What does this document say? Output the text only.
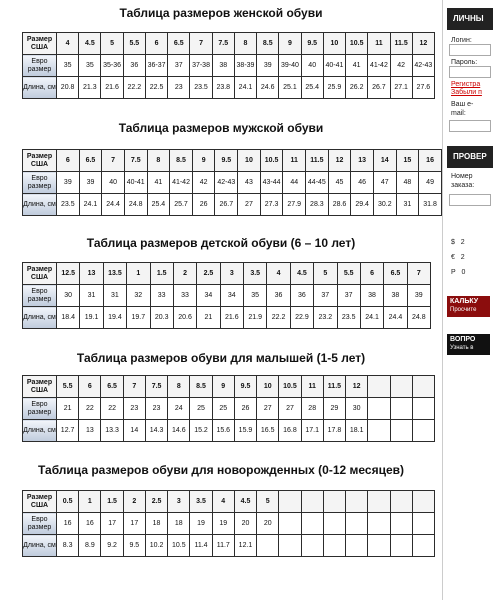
Таблица размеров женской обуви
Размер США	4	4.5	5	5.5	6	6.5	7	7.5	8	8.5	9	9.5	10	10.5	11	11.5	12
Евро размер	35	35	35-36	36	36-37	37	37-38	38	38-39	39	39-40	40	40-41	41	41-42	42	42-43
Длина, см	20.8	21.3	21.6	22.2	22.5	23	23.5	23.8	24.1	24.6	25.1	25.4	25.9	26.2	26.7	27.1	27.6
Таблица размеров мужской обуви
Размер США	6	6.5	7	7.5	8	8.5	9	9.5	10	10.5	11	11.5	12	13	14	15	16
Евро размер	39	39	40	40-41	41	41-42	42	42-43	43	43-44	44	44-45	45	46	47	48	49
Длина, см	23.5	24.1	24.4	24.8	25.4	25.7	26	26.7	27	27.3	27.9	28.3	28.6	29.4	30.2	31	31.8
Таблица размеров детской обуви (6 – 10 лет)
Размер США	12.5	13	13.5	1	1.5	2	2.5	3	3.5	4	4.5	5	5.5	6	6.5	7
Евро размер	30	31	31	32	33	33	34	34	35	36	36	37	37	38	38	39
Длина, см	18.4	19.1	19.4	19.7	20.3	20.6	21	21.6	21.9	22.2	22.9	23.2	23.5	24.1	24.4	24.8
Таблица размеров обуви для малышей (1-5 лет)
Размер США	5.5	6	6.5	7	7.5	8	8.5	9	9.5	10	10.5	11	11.5	12			
Евро размер	21	22	22	23	23	24	25	25	26	27	27	28	29	30			
Длина, см	12.7	13	13.3	14	14.3	14.6	15.2	15.6	15.9	16.5	16.8	17.1	17.8	18.1			
Таблица размеров обуви для новорожденных (0-12 месяцев)
Размер США	0.5	1	1.5	2	2.5	3	3.5	4	4.5	5							
Евро размер	16	16	17	17	18	18	19	19	20	20							
Длина, см	8.3	8.9	9.2	9.5	10.2	10.5	11.4	11.7	12.1								
ЛИЧНЫ
Логин:
Пароль:
Регистра
Забыли п
Ваш е-
mail:
ПРОВЕР
Номер
заказа:
$ 2
€ 2
Р 0
КАЛЬКУ
Просчите
ВОПРО
Узнать в
